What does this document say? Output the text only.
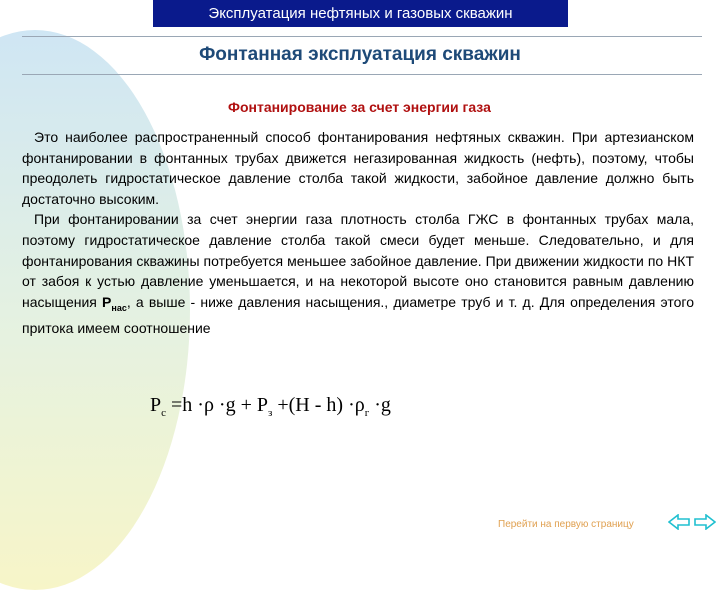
Эксплуатация нефтяных и газовых скважин
Фонтанная эксплуатация скважин
Фонтанирование за счет энергии газа

Это наиболее распространенный способ фонтанирования нефтяных скважин. При артезианском фонтанировании в фонтанных трубах движется негазированная жидкость (нефть), поэтому, чтобы преодолеть гидростатическое давление столба такой жидкости, забойное давление должно быть достаточно высоким.

При фонтанировании за счет энергии газа плотность столба ГЖС в фонтанных трубах мала, поэтому гидростатическое давление столба такой смеси будет меньше. Следовательно, и для фонтанирования скважины потребуется меньшее забойное давление. При движении жидкости по НКТ от забоя к устью давление уменьшается, и на некоторой высоте оно становится равным давлению насыщения $P_{нас}$, а выше - ниже давления насыщения., диаметре труб и т. д. Для определения этого притока имеем соотношение

$P_c =h \cdot\rho \cdot g + P_з +(H - h) \cdot\rho_г \cdot g$
Перейти на первую страницу
